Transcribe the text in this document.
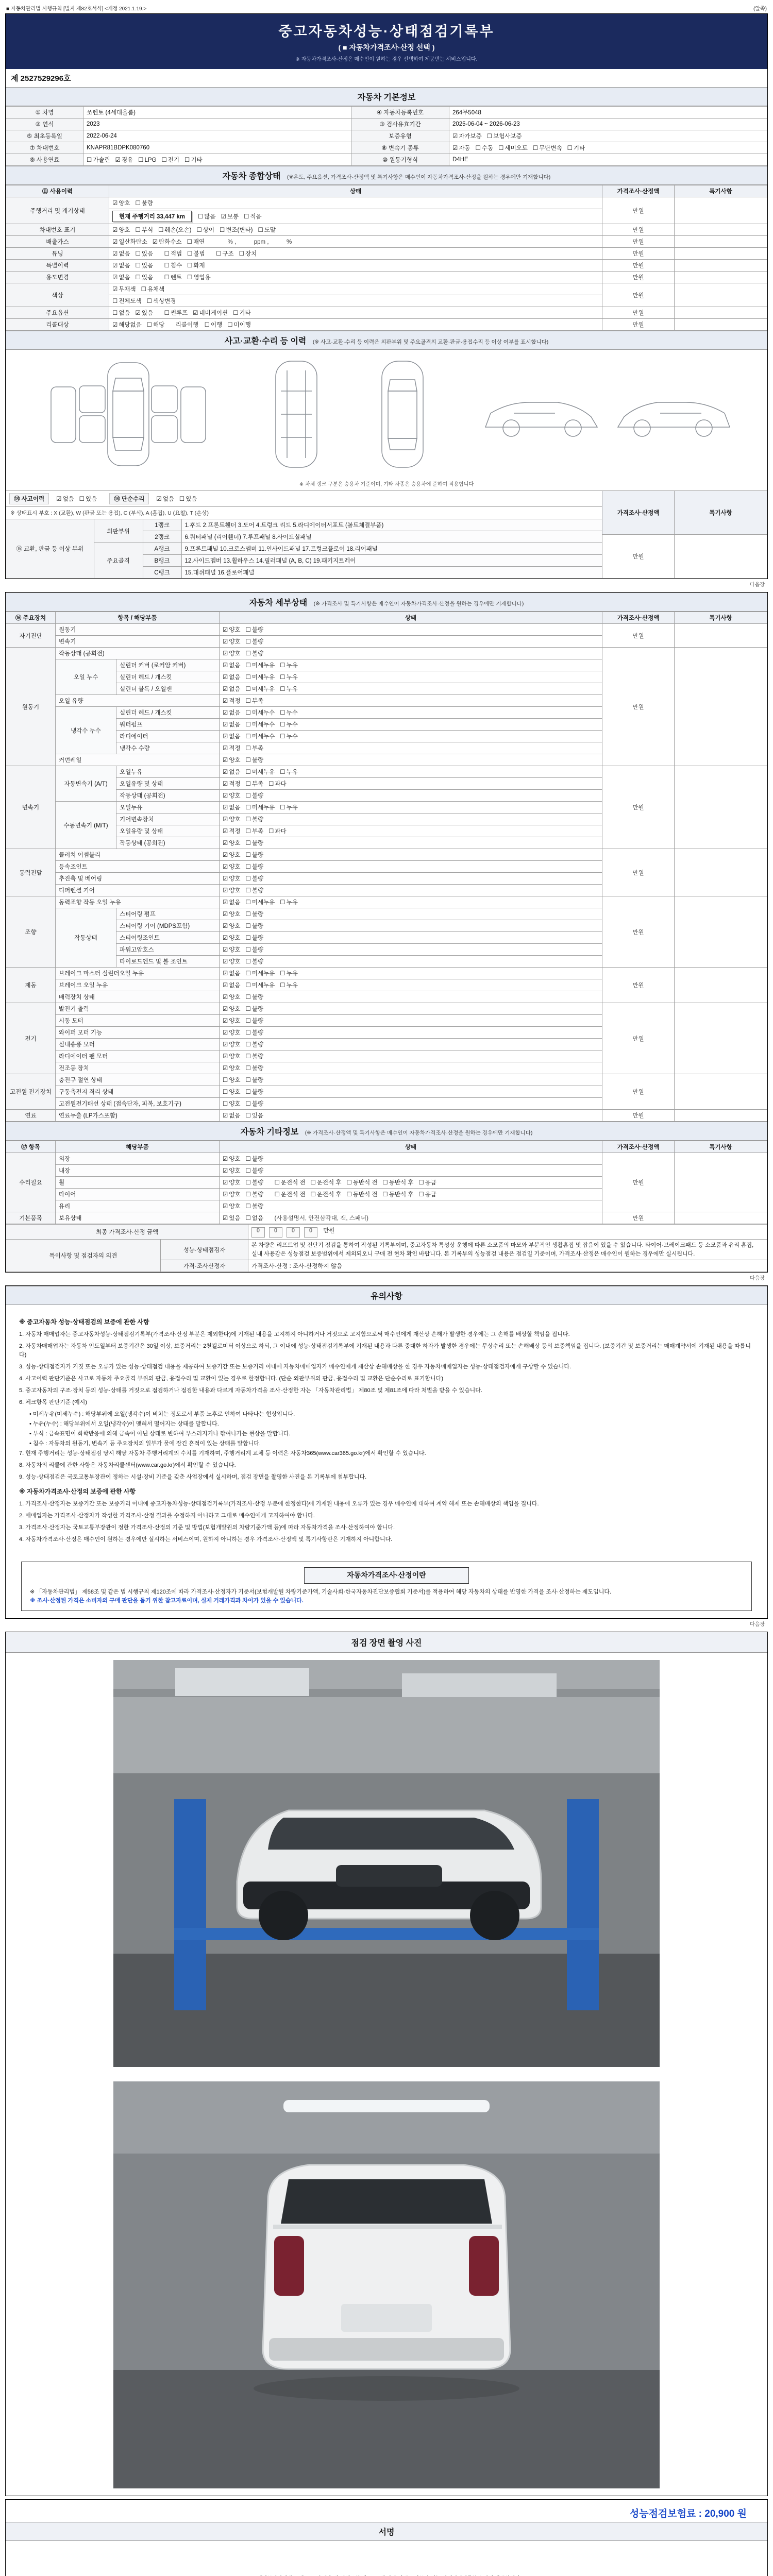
■ 자동차관리법 시행규칙 [별지 제82호서식] <개정 2021.1.19.>	(앞쪽)
중고자동차성능·상태점검기록부
( ■ 자동차가격조사·산정 선택 )
※ 자동차가격조사·산정은 매수인이 원하는 경우 선택하여 제공받는 서비스입니다.
제 2527529296호
자동차 기본정보
① 차명	쏘렌토 (4세대올룸)	④ 자동차등록번호	264무5048
② 연식	2023	③ 검사유효기간	2025-06-04 ~ 2026-06-23
⑤ 최초등록일	2022-06-24	보증유형	☑ 자가보증 ☐ 보험사보증
⑦ 차대번호	KNAPR81BDPK080760	⑧ 변속기 종류	☑ 자동 ☐ 수동 ☐ 세미오토 ☐ 무단변속 ☐ 기타
⑨ 사용연료	☐ 가솔린 ☑ 경유 ☐ LPG ☐ 전기 ☐ 기타	⑩ 원동기형식	D4HE
자동차 종합상태 (※온도, 주요옵션, 가격조사·산정액 및 특기사항은 매수인이 자동차가격조사·산정을 원하는 경우에만 기재합니다)
⑪ 사용이력	상태	가격조사·산정액	특기사항
주행거리 및 계기상태	☑ 양호 ☐ 불량	만원	
	현재 주행거리 33,447 km ☐ 많음 ☑ 보통 ☐ 적음		
차대번호 표기	☑ 양호 ☐ 부식 ☐ 훼손(오손) ☐ 상이 ☐ 변조(변타) ☐ 도말	만원	
배출가스	☑ 일산화탄소 ☑ 탄화수소 ☐ 매연　　　% ,　　　ppm ,　　　%	만원	
튜닝	☑ 없음 ☐ 있음　 ☐ 적법 ☐ 불법　 ☐ 구조 ☐ 장치	만원	
특별이력	☑ 없음 ☐ 있음　 ☐ 침수 ☐ 화재	만원	
용도변경	☑ 없음 ☐ 있음　 ☐ 렌트 ☐ 영업용	만원	
색상	☑ 무채색 ☐ 유채색	만원	
	☐ 전체도색 ☐ 색상변경		
주요옵션	☐ 없음 ☑ 있음　 ☐ 썬루프 ☑ 네비게이션 ☐ 기타	만원	
리콜대상	☑ 해당없음 ☐ 해당　리콜이행　☐ 이행 ☐ 미이행	만원	
사고·교환·수리 등 이력 (※ 사고·교환·수리 등 이력은 외판부위 및 주요골격의 교환·판금·용접수리 등 이상 여부를 표시합니다)

※ 차체 랭크 구분은 승용차 기준이며, 기타 차종은 승용차에 준하여 적용합니다
⑬ 사고이력	☑ 없음 ☐ 있음	⑭ 단순수리	☑ 없음 ☐ 있음
※ 상태표시 부호 : X (교환), W (판금 또는 용접), C (부식), A (흠집), U (요철), T (손상)
⑮ 교환, 판금 등 이상 부위	외판부위	1랭크	1.후드 2.프론트휀더 3.도어 4.트렁크 리드 5.라디에이터서포트 (볼트체결부품)
2랭크	6.쿼터패널 (리어휀더) 7.루프패널 8.사이드실패널
주요골격	A랭크	9.프론트패널 10.크로스멤버 11.인사이드패널 17.트렁크플로어 18.리어패널
B랭크	12.사이드멤버 13.휠하우스 14.필러패널 (A, B, C) 19.패키지트레이
C랭크	15.대쉬패널 16.플로어패널
	가격조사·산정액	특기사항
만원	
다음장
자동차 세부상태 (※ 가격조사 및 특기사항은 매수인이 자동차가격조사·산정을 원하는 경우에만 기재합니다)
⑯ 주요장치	항목 / 해당부품		상태	가격조사·산정액	특기사항
자기진단	원동기		☑ 양호 ☐ 불량	만원	
	변속기		☑ 양호 ☐ 불량		
원동기	작동상태 (공회전)		☑ 양호 ☐ 불량	만원	
	오일 누수	실린더 커버 (로커암 커버)	☑ 없음 ☐ 미세누유 ☐ 누유		
		실린더 헤드 / 개스킷	☑ 없음 ☐ 미세누유 ☐ 누유		
		실린더 블록 / 오일팬	☑ 없음 ☐ 미세누유 ☐ 누유		
	오일 유량		☑ 적정 ☐ 부족		
	냉각수 누수	실린더 헤드 / 개스킷	☑ 없음 ☐ 미세누수 ☐ 누수		
		워터펌프	☑ 없음 ☐ 미세누수 ☐ 누수		
		라디에이터	☑ 없음 ☐ 미세누수 ☐ 누수		
		냉각수 수량	☑ 적정 ☐ 부족		
	커먼레일		☑ 양호 ☐ 불량		
변속기	자동변속기 (A/T)	오일누유	☑ 없음 ☐ 미세누유 ☐ 누유	만원	
		오일유량 및 상태	☑ 적정 ☐ 부족 ☐ 과다		
		작동상태 (공회전)	☑ 양호 ☐ 불량		
	수동변속기 (M/T)	오일누유	☑ 없음 ☐ 미세누유 ☐ 누유		
		기어변속장치	☑ 양호 ☐ 불량		
		오일유량 및 상태	☑ 적정 ☐ 부족 ☐ 과다		
		작동상태 (공회전)	☑ 양호 ☐ 불량		
동력전달	클러치 어셈블리		☑ 양호 ☐ 불량	만원	
	등속조인트		☑ 양호 ☐ 불량		
	추진축 및 베어링		☑ 양호 ☐ 불량		
	디퍼렌셜 기어		☑ 양호 ☐ 불량		
조향	동력조향 작동 오일 누유		☑ 없음 ☐ 미세누유 ☐ 누유	만원	
	작동상태	스티어링 펌프	☑ 양호 ☐ 불량		
		스티어링 기어 (MDPS포함)	☑ 양호 ☐ 불량		
		스티어링조인트	☑ 양호 ☐ 불량		
		파워고압호스	☑ 양호 ☐ 불량		
		타이로드엔드 및 볼 조인트	☑ 양호 ☐ 불량		
제동	브레이크 마스터 실린더오일 누유		☑ 없음 ☐ 미세누유 ☐ 누유	만원	
	브레이크 오일 누유		☑ 없음 ☐ 미세누유 ☐ 누유		
	배력장치 상태		☑ 양호 ☐ 불량		
전기	발전기 출력		☑ 양호 ☐ 불량	만원	
	시동 모터		☑ 양호 ☐ 불량		
	와이퍼 모터 기능		☑ 양호 ☐ 불량		
	실내송풍 모터		☑ 양호 ☐ 불량		
	라디에이터 팬 모터		☑ 양호 ☐ 불량		
	전조등 장치		☑ 양호 ☐ 불량		
고전원 전기장치	충전구 절연 상태		☐ 양호 ☐ 불량	만원	
	구동축전지 격리 상태		☐ 양호 ☐ 불량		
	고전원전기배선 상태 (접속단자, 피복, 보호기구)		☐ 양호 ☐ 불량		
연료	연료누출 (LP가스포함)		☑ 없음 ☐ 있음	만원	
자동차 기타정보 (※ 가격조사·산정액 및 특기사항은 매수인이 자동차가격조사·산정을 원하는 경우에만 기재합니다)
⑰ 항목	해당부품	상태	가격조사·산정액	특기사항
수리필요	외장	☑ 양호 ☐ 불량	만원	
	내장	☑ 양호 ☐ 불량		
	휠	☑ 양호 ☐ 불량　 ☐ 운전석 전 ☐ 운전석 후 ☐ 동반석 전 ☐ 동반석 후 ☐ 응급		
	타이어	☑ 양호 ☐ 불량　 ☐ 운전석 전 ☐ 운전석 후 ☐ 동반석 전 ☐ 동반석 후 ☐ 응급		
	유리	☑ 양호 ☐ 불량		
기본품목	보유상태	☑ 있음 ☐ 없음　(사용설명서, 안전삼각대, 잭, 스패너)	만원	
최종 가격조사·산정 금액		0 0 0 0 만원
특이사항 및 점검자의 의견	성능·상태점검자	본 차량은 리프트업 및 진단기 점검을 통하여 작성된 기록부이며, 중고자동차 특성상 운행에 따른 소모품의 마모와 부분적인 생활흠집 및 잡음이 있을 수 있습니다. 타이어·브레이크패드 등 소모품과 유리 흠집, 실내 사용감은 성능점검 보증범위에서 제외되오니 구매 전 현차 확인 바랍니다. 본 기록부의 성능점검 내용은 점검일 기준이며, 가격조사·산정은 매수인이 원하는 경우에만 실시됩니다.
	가격·조사산정자	가격조사·산정 : 조사·산정하지 않음
다음장
유의사항
※ 중고자동차 성능·상태점검의 보증에 관한 사항
1. 자동차 매매업자는 중고자동차성능·상태점검기록부(가격조사·산정 부분은 제외한다)에 기재된 내용을 고지하지 아니하거나 거짓으로 고지함으로써 매수인에게 재산상 손해가 발생한 경우에는 그 손해를 배상할 책임을 집니다.
2. 자동차매매업자는 자동차 인도일부터 보증기간은 30일 이상, 보증거리는 2천킬로미터 이상으로 하되, 그 이내에 성능·상태점검기록부에 기재된 내용과 다른 중대한 하자가 발생한 경우에는 무상수리 또는 손해배상 등의 보증책임을 집니다. (보증기간 및 보증거리는 매매계약서에 기재된 내용을 따릅니다)
3. 성능·상태점검자가 거짓 또는 오류가 있는 성능·상태점검 내용을 제공하여 보증기간 또는 보증거리 이내에 자동차매매업자가 매수인에게 재산상 손해배상을 한 경우 자동차매매업자는 성능·상태점검자에게 구상할 수 있습니다.
4. 사고이력 판단기준은 사고로 자동차 주요골격 부위의 판금, 용접수리 및 교환이 있는 경우로 한정합니다. (단순 외판부위의 판금, 용접수리 및 교환은 단순수리로 표기합니다)
5. 중고자동차의 구조·장치 등의 성능·상태를 거짓으로 점검하거나 점검한 내용과 다르게 자동차가격을 조사·산정한 자는 「자동차관리법」 제80조 및 제81조에 따라 처벌을 받을 수 있습니다.
6. 체크항목 판단기준 (예시)
• 미세누유(미세누수) : 해당부위에 오일(냉각수)이 비치는 정도로서 부품 노후로 인하여 나타나는 현상입니다.
• 누유(누수) : 해당부위에서 오일(냉각수)이 맺혀서 떨어지는 상태를 말합니다.
• 부식 : 금속표면이 화학반응에 의해 금속이 아닌 상태로 변하여 부스러지거나 깎여나가는 현상을 말합니다.
• 침수 : 자동차의 원동기, 변속기 등 주요장치의 일부가 물에 잠긴 흔적이 있는 상태를 말합니다.
7. 현재 주행거리는 성능·상태점검 당시 해당 자동차 주행거리계의 수치를 기재하며, 주행거리계 교체 등 이력은 자동차365(www.car365.go.kr)에서 확인할 수 있습니다.
8. 자동차의 리콜에 관한 사항은 자동차리콜센터(www.car.go.kr)에서 확인할 수 있습니다.
9. 성능·상태점검은 국토교통부장관이 정하는 시설·장비 기준을 갖춘 사업장에서 실시하며, 점검 장면을 촬영한 사진을 본 기록부에 첨부합니다.
※ 자동차가격조사·산정의 보증에 관한 사항
1. 가격조사·산정자는 보증기간 또는 보증거리 이내에 중고자동차성능·상태점검기록부(가격조사·산정 부분에 한정한다)에 기재된 내용에 오류가 있는 경우 매수인에 대하여 계약 해제 또는 손해배상의 책임을 집니다.
2. 매매업자는 가격조사·산정자가 작성한 가격조사·산정 결과를 수정하지 아니하고 그대로 매수인에게 고지하여야 합니다.
3. 가격조사·산정자는 국토교통부장관이 정한 가격조사·산정의 기준 및 방법(보험개발원의 차량기준가액 등)에 따라 자동차가격을 조사·산정하여야 합니다.
4. 자동차가격조사·산정은 매수인이 원하는 경우에만 실시하는 서비스이며, 원하지 아니하는 경우 가격조사·산정액 및 특기사항란은 기재하지 아니합니다.
자동차가격조사·산정이란
※ 「자동차관리법」 제58조 및 같은 법 시행규칙 제120조에 따라 가격조사·산정자가 기준서(보험개발원 차량기준가액, 기술사회·한국자동차진단보증협회 기준서)를 적용하여 해당 자동차의 상태를 반영한 가격을 조사·산정하는 제도입니다.
※ 조사·산정된 가격은 소비자의 구매 판단을 돕기 위한 참고자료이며, 실제 거래가격과 차이가 있을 수 있습니다.
다음장
점검 장면 촬영 사진
성능점검보험료 : 20,900 원
서명
